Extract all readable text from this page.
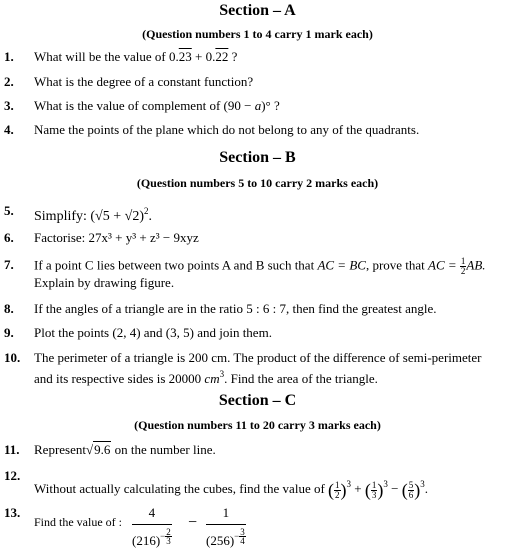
Section – A
(Question numbers 1 to 4 carry 1 mark each)
1. What will be the value of 0.23 + 0.22 ?
2. What is the degree of a constant function?
3. What is the value of complement of (90 − a)° ?
4. Name the points of the plane which do not belong to any of the quadrants.
Section – B
(Question numbers 5 to 10 carry 2 marks each)
5. Simplify: $(√5 + √2)^2$.
6. Factorise: 27x³ + y³ + z³ − 9xyz
7. If a point C lies between two points A and B such that AC = BC, prove that AC = $\frac{1}{2}$ AB.
Explain by drawing figure.
8. If the angles of a triangle are in the ratio 5 : 6 : 7, then find the greatest angle.
9. Plot the points (2, 4) and (3, 5) and join them.
10. The perimeter of a triangle is 200 cm. The product of the difference of semi-perimeter
and its respective sides is 20000 $cm^3$. Find the area of the triangle.
Section – C
(Question numbers 11 to 20 carry 3 marks each)
11. Represent√9.6 on the number line.
12.
Without actually calculating the cubes, find the value of ( $\frac{1}{2} )^3$ + ( $\frac{1}{3} )^3$ − ( $\frac{5}{6} )^3$.
13.
Find the value of :
4
$(216)- \frac{2}{3}$
−
1
$(256)- \frac{3}{4}$
